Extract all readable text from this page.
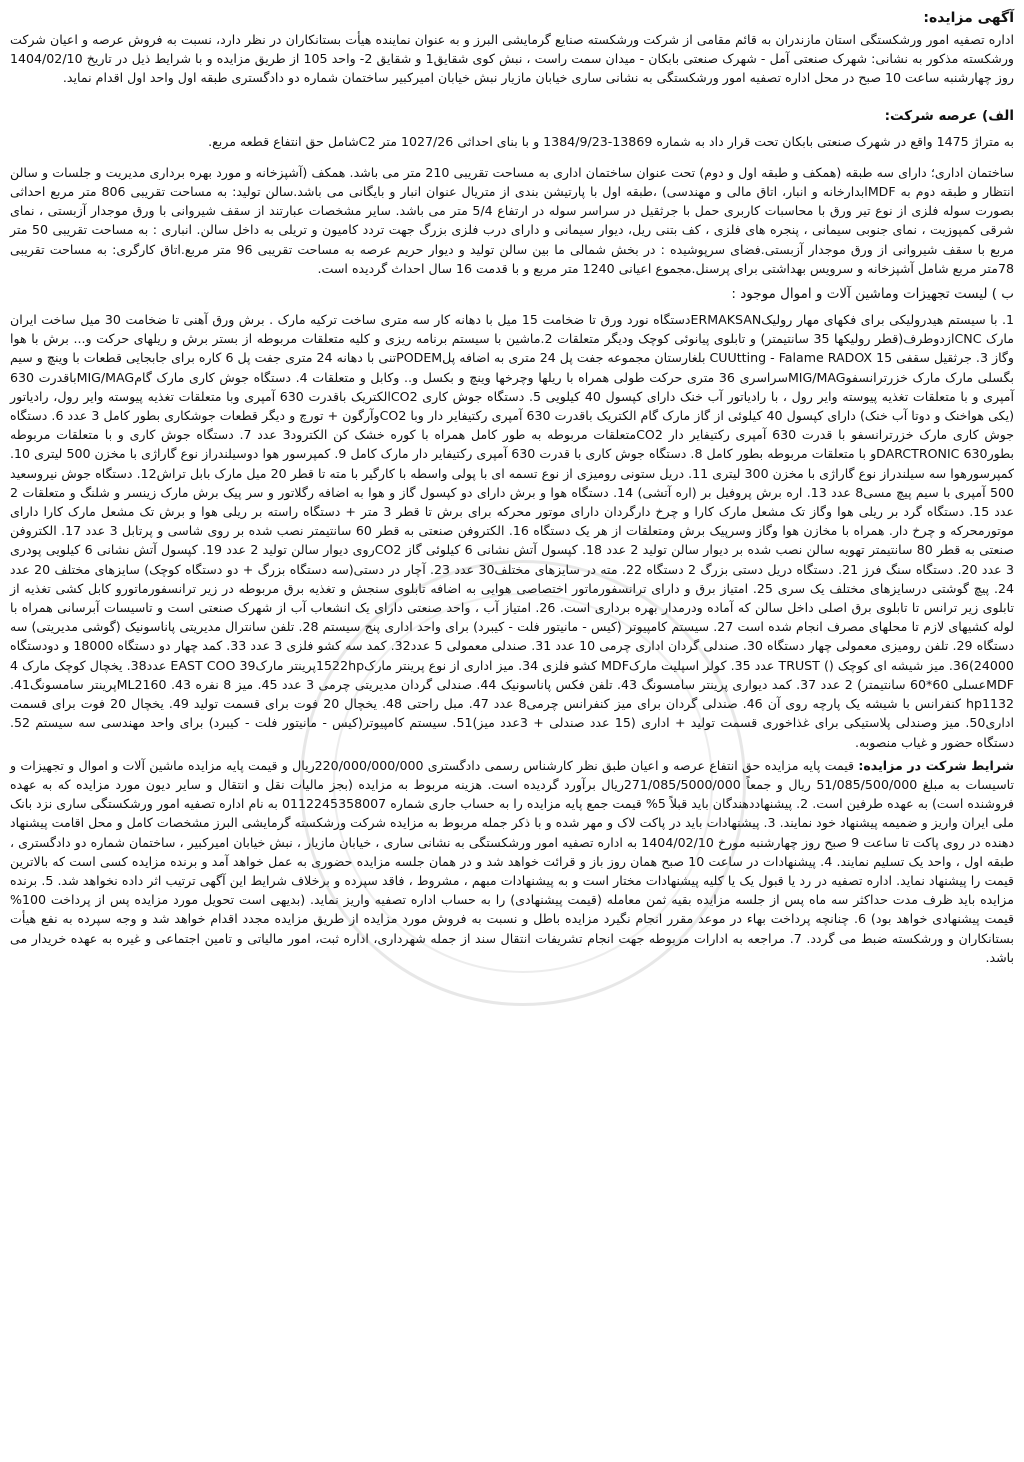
آگهی مزایده:

اداره تصفیه امور ورشکستگی استان مازندران به قائم مقامی از شرکت ورشکسته صنایع گرمایشی البرز و به عنوان نماینده هیأت بستانکاران در نظر دارد، نسبت به فروش عرصه و اعیان شرکت ورشکسته مذکور به نشانی: شهرک صنعتی آمل - شهرک صنعتی بابکان - میدان سمت راست ، نبش کوی شقایق1 و شقایق 2- واحد 105 از طریق مزایده و با شرایط ذیل در تاریخ 1404/02/10 روز چهارشنبه ساعت 10 صبح در محل اداره تصفیه امور ورشکستگی به نشانی ساری خیابان مازیار نبش خیابان امیرکبیر ساختمان شماره دو دادگستری طبقه اول واحد اول اقدام نماید.

الف) عرصه شرکت:

به متراژ 1475 واقع در شهرک صنعتی بابکان تحت قرار داد به شماره 13869-1384/9/23 و با بنای احداثی 1027/26 متر C2شامل حق انتفاع قطعه مربع.

ساختمان اداری؛ دارای سه طبقه (همکف و طبقه اول و دوم) تحت عنوان ساختمان اداری به مساحت تقریبی 210 متر می باشد. همکف (آشپزخانه و مورد بهره برداری مدیریت و جلسات و سالن انتظار و طبقه دوم به MDFابدارخانه و انبار، اتاق مالی و مهندسی) ،طبقه اول با پارتیشن بندی از متریال عنوان انبار و بایگانی می باشد.سالن تولید: به مساحت تقریبی 806 متر مربع احداثی بصورت سوله فلزی از نوع تیر ورق با محاسبات کاربری حمل با جرثقیل در سراسر سوله در ارتفاع 5/4 متر می باشد. سایر مشخصات عبارتند از سقف شیروانی با ورق موجدار آزبستی ، نمای شرقی کمپوزیت ، نمای جنوبی سیمانی ، پنجره های فلزی ، کف بتنی ریل، دیوار سیمانی و دارای درب فلزی بزرگ جهت تردد کامیون و تریلی به داخل سالن. انباری : به مساحت تقریبی 50 متر مربع با سقف شیروانی از ورق موجدار آزبستی.فضای سرپوشیده : در بخش شمالی ما بین سالن تولید و دیوار حریم عرصه به مساحت تقریبی 96 متر مربع.اتاق کارگری: به مساحت تقریبی 78متر مربع شامل آشپزخانه و سرویس بهداشتی برای پرسنل.مجموع اعیانی 1240 متر مربع و با قدمت 16 سال احداث گردیده است.

ب ) لیست تجهیزات وماشین آلات و اموال موجود :

1. با سیستم هیدرولیکی برای فکهای مهار رولیکERMAKSANدستگاه نورد ورق تا ضخامت 15 میل با دهانه کار سه متری ساخت ترکیه مارک . برش ورق آهنی تا ضخامت 30 میل ساخت ایران مارک CNCازدوطرف(قطر رولیکها 35 سانتیمتر) و تابلوی پیانوئی کوچک ودیگر متعلقات 2.ماشین با سیستم برنامه ریزی و کلیه متعلقات مربوطه از بستر برش و ریلهای حرکت و... برش با هوا وگاز 3. جرثقیل سقفی CUUtting - Falame RADOX 15 بلغارستان مجموعه جفت پل 24 متری به اضافه پلPODEMتنی با دهانه 24 متری جفت پل 6 کاره برای جابجایی قطعات با وینچ و سیم بگسلی مارک مارک خزرترانسفوMIG/MAGسراسری 36 متری حرکت طولی همراه با ریلها وچرخها وینچ و بکسل و.. وکابل و متعلقات 4. دستگاه جوش کاری مارک گامMIG/MAGباقدرت 630 آمپری و با متعلقات تغذیه پیوسته وایر رول ، با رادیاتور آب خنک دارای کپسول 40 کیلویی 5. دستگاه جوش کاری CO2الکتریک باقدرت 630 آمپری وبا متعلقات تغذیه پیوسته وایر رول، رادیاتور (یکی هواخنک و دوتا آب خنک) دارای کپسول 40 کیلوئی از گاز مارک گام الکتریک باقدرت 630 آمپری رکتیفایر دار وبا CO2وآرگون + تورچ و دیگر قطعات جوشکاری بطور کامل 3 عدد 6. دستگاه جوش کاری مارک خزرترانسفو با قدرت 630 آمپری رکتیفایر دار CO2متعلقات مربوطه به طور کامل همراه با کوره خشک کن الکترود3 عدد 7. دستگاه جوش کاری و با متعلقات مربوطه بطورDARCTRONIC 630و با متعلقات مربوطه بطور کامل 8. دستگاه جوش کاری با قدرت 630 آمپری رکتیفایر دار مارک کامل 9. کمپرسور هوا دوسیلندراز نوع گاراژی با مخزن 500 لیتری 10. کمپرسورهوا سه سیلندراز نوع گاراژی با مخزن 300 لیتری 11. دریل ستونی رومیزی از نوع تسمه ای با پولی واسطه با کارگیر با مته تا قطر 20 میل مارک بابل تراش12. دستگاه جوش نیروسعید 500 آمپری با سیم پیچ مسی8 عدد 13. اره برش پروفیل بر (اره آتشی) 14. دستگاه هوا و برش دارای دو کپسول گاز و هوا به اضافه رگلاتور و سر پیک برش مارک زینسر و شلنگ و متعلقات 2 عدد 15. دستگاه گرد بر ریلی هوا وگاز تک مشعل مارک کارا و چرخ دارگردان دارای موتور محرکه برای برش تا قطر 3 متر + دستگاه راسته بر ریلی هوا و برش تک مشعل مارک کارا دارای موتورمحرکه و چرخ دار. همراه با مخازن هوا وگاز وسرپیک برش ومتعلقات از هر یک دستگاه 16. الکتروفن صنعتی به قطر 60 سانتیمتر نصب شده بر روی شاسی و پرتابل 3 عدد 17. الکتروفن صنعتی به قطر 80 سانتیمتر تهویه سالن نصب شده بر دیوار سالن تولید 2 عدد 18. کپسول آتش نشانی 6 کیلوئی گاز CO2روی دیوار سالن تولید 2 عدد 19. کپسول آتش نشانی 6 کیلویی پودری 3 عدد 20. دستگاه سنگ فرز 21. دستگاه دریل دستی بزرگ 2 دستگاه 22. مته در سایزهای مختلف30 عدد 23. آچار در دستی(سه دستگاه بزرگ + دو دستگاه کوچک) سایزهای مختلف 20 عدد 24. پیچ گوشتی درسایزهای مختلف یک سری 25. امتیاز برق و دارای ترانسفورماتور اختصاصی هوایی به اضافه تابلوی سنجش و تغذیه برق مربوطه در زیر ترانسفورماتورو کابل کشی تغذیه از تابلوی زیر ترانس تا تابلوی برق اصلی داخل سالن که آماده ودرمدار بهره برداری است. 26. امتیاز آب ، واحد صنعتی دارای یک انشعاب آب از شهرک صنعتی است و تاسیسات آبرسانی همراه با لوله کشیهای لازم تا محلهای مصرف انجام شده است 27. سیستم کامپیوتر (کیس - مانیتور فلت - کیبرد) برای واحد اداری پنج سیستم 28. تلفن سانترال مدیریتی پاناسونیک (گوشی مدیریتی) سه دستگاه 29. تلفن رومیزی معمولی چهار دستگاه 30. صندلی گردان اداری چرمی 10 عدد 31. صندلی معمولی 5 عدد32. کمد سه کشو فلزی 3 عدد 33. کمد چهار دو دستگاه 18000 و دودستگاه 24000)36. میز شیشه ای کوچک () TRUST عدد 35. کولر اسپلیت مارکMDF کشو فلزی 34. میز اداری از نوع پرینتر مارک1522hpپرینتر مارک39 EAST COO عدد38. یخچال کوچک مارک 4 MDFعسلی 60*60 سانتیمتر) 2 عدد 37. کمد دیواری پرینتر سامسونگ 43. تلفن فکس پاناسونیک 44. صندلی گردان مدیریتی چرمی 3 عدد 45. میز 8 نفره 43. ML2160پرینتر سامسونگ41. hp1132 کنفرانس با شیشه یک پارچه روی آن 46. صندلی گردان برای میز کنفرانس چرمی8 عدد 47. مبل راحتی 48. یخچال 20 فوت برای قسمت تولید 49. یخچال 20 فوت برای قسمت اداری50. میز وصندلی پلاستیکی برای غذاخوری قسمت تولید + اداری (15 عدد صندلی + 3عدد میز)51. سیستم کامپیوتر(کیس - مانیتور فلت - کیبرد) برای واحد مهندسی سه سیستم 52. دستگاه حضور و غیاب منصوبه.

شرایط شرکت در مزایده: قیمت پایه مزایده حق انتفاع عرصه و اعیان طبق نظر کارشناس رسمی دادگستری 220/000/000/000ریال و قیمت پایه مزایده ماشین آلات و اموال و تجهیزات و تاسیسات به مبلغ 51/085/500/000 ریال و جمعاً 271/085/5000/000ریال برآورد گردیده است. هزینه مربوط به مزایده (بجز مالیات نقل و انتقال و سایر دیون مورد مزایده که به عهده فروشنده است) به عهده طرفین است. 2. پیشنهاددهندگان باید قبلاً 5% قیمت جمع پایه مزایده را به حساب جاری شماره 0112245358007 به نام اداره تصفیه امور ورشکستگی ساری نزد بانک ملی ایران واریز و ضمیمه پیشنهاد خود نمایند. 3. پیشنهادات باید در پاکت لاک و مهر شده و با ذکر جمله مربوط به مزایده شرکت ورشکسته گرمایشی البرز مشخصات کامل و محل اقامت پیشنهاد دهنده در روی پاکت تا ساعت 9 صبح روز چهارشنبه مورخ 1404/02/10 به اداره تصفیه امور ورشکستگی به نشانی ساری ، خیابان مازیار ، نبش خیابان امیرکبیر ، ساختمان شماره دو دادگستری ، طبقه اول ، واحد یک تسلیم نمایند. 4. پیشنهادات در ساعت 10 صبح همان روز باز و قرائت خواهد شد و در همان جلسه مزایده حضوری به عمل خواهد آمد و برنده مزایده کسی است که بالاترین قیمت را پیشنهاد نماید. اداره تصفیه در رد یا قبول یک یا کلیه پیشنهادات مختار است و به پیشنهادات مبهم ، مشروط ، فاقد سپرده و برخلاف شرایط این آگهی ترتیب اثر داده نخواهد شد. 5. برنده مزایده باید ظرف مدت حداکثر سه ماه پس از جلسه مزایده بقیه ثمن معامله (قیمت پیشنهادی) را به حساب اداره تصفیه واریز نماید. (بدیهی است تحویل مورد مزایده پس از پرداخت 100% قیمت پیشنهادی خواهد بود) 6. چنانچه پرداخت بهاء در موعد مقرر انجام نگیرد مزایده باطل و نسبت به فروش مورد مزایده از طریق مزایده مجدد اقدام خواهد شد و وجه سپرده به نفع هیأت بستانکاران و ورشکسته ضبط می گردد. 7. مراجعه به ادارات مربوطه جهت انجام تشریفات انتقال سند از جمله شهرداری، اداره ثبت، امور مالیاتی و تامین اجتماعی و غیره به عهده خریدار می باشد.
